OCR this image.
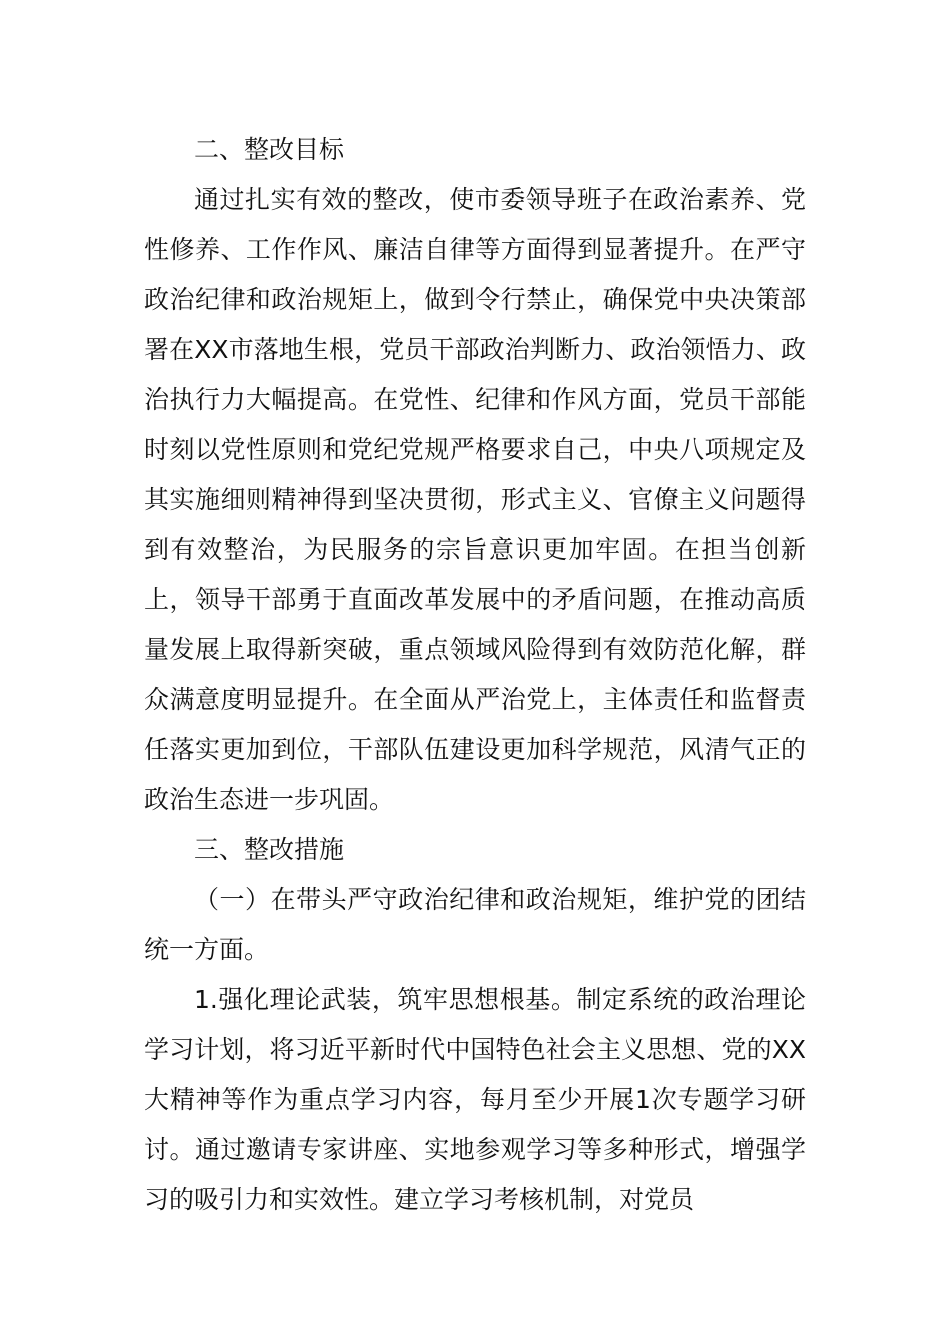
二、整改目标

通过扎实有效的整改，使市委领导班子在政治素养、党性修养、工作作风、廉洁自律等方面得到显著提升。在严守政治纪律和政治规矩上，做到令行禁止，确保党中央决策部署在XX市落地生根，党员干部政治判断力、政治领悟力、政治执行力大幅提高。在党性、纪律和作风方面，党员干部能时刻以党性原则和党纪党规严格要求自己，中央八项规定及其实施细则精神得到坚决贯彻，形式主义、官僚主义问题得到有效整治，为民服务的宗旨意识更加牢固。在担当创新上，领导干部勇于直面改革发展中的矛盾问题，在推动高质量发展上取得新突破，重点领域风险得到有效防范化解，群众满意度明显提升。在全面从严治党上，主体责任和监督责任落实更加到位，干部队伍建设更加科学规范，风清气正的政治生态进一步巩固。

三、整改措施

（一）在带头严守政治纪律和政治规矩，维护党的团结统一方面。

1.强化理论武装，筑牢思想根基。制定系统的政治理论学习计划，将习近平新时代中国特色社会主义思想、党的XX大精神等作为重点学习内容，每月至少开展1次专题学习研讨。通过邀请专家讲座、实地参观学习等多种形式，增强学习的吸引力和实效性。建立学习考核机制，对党员
